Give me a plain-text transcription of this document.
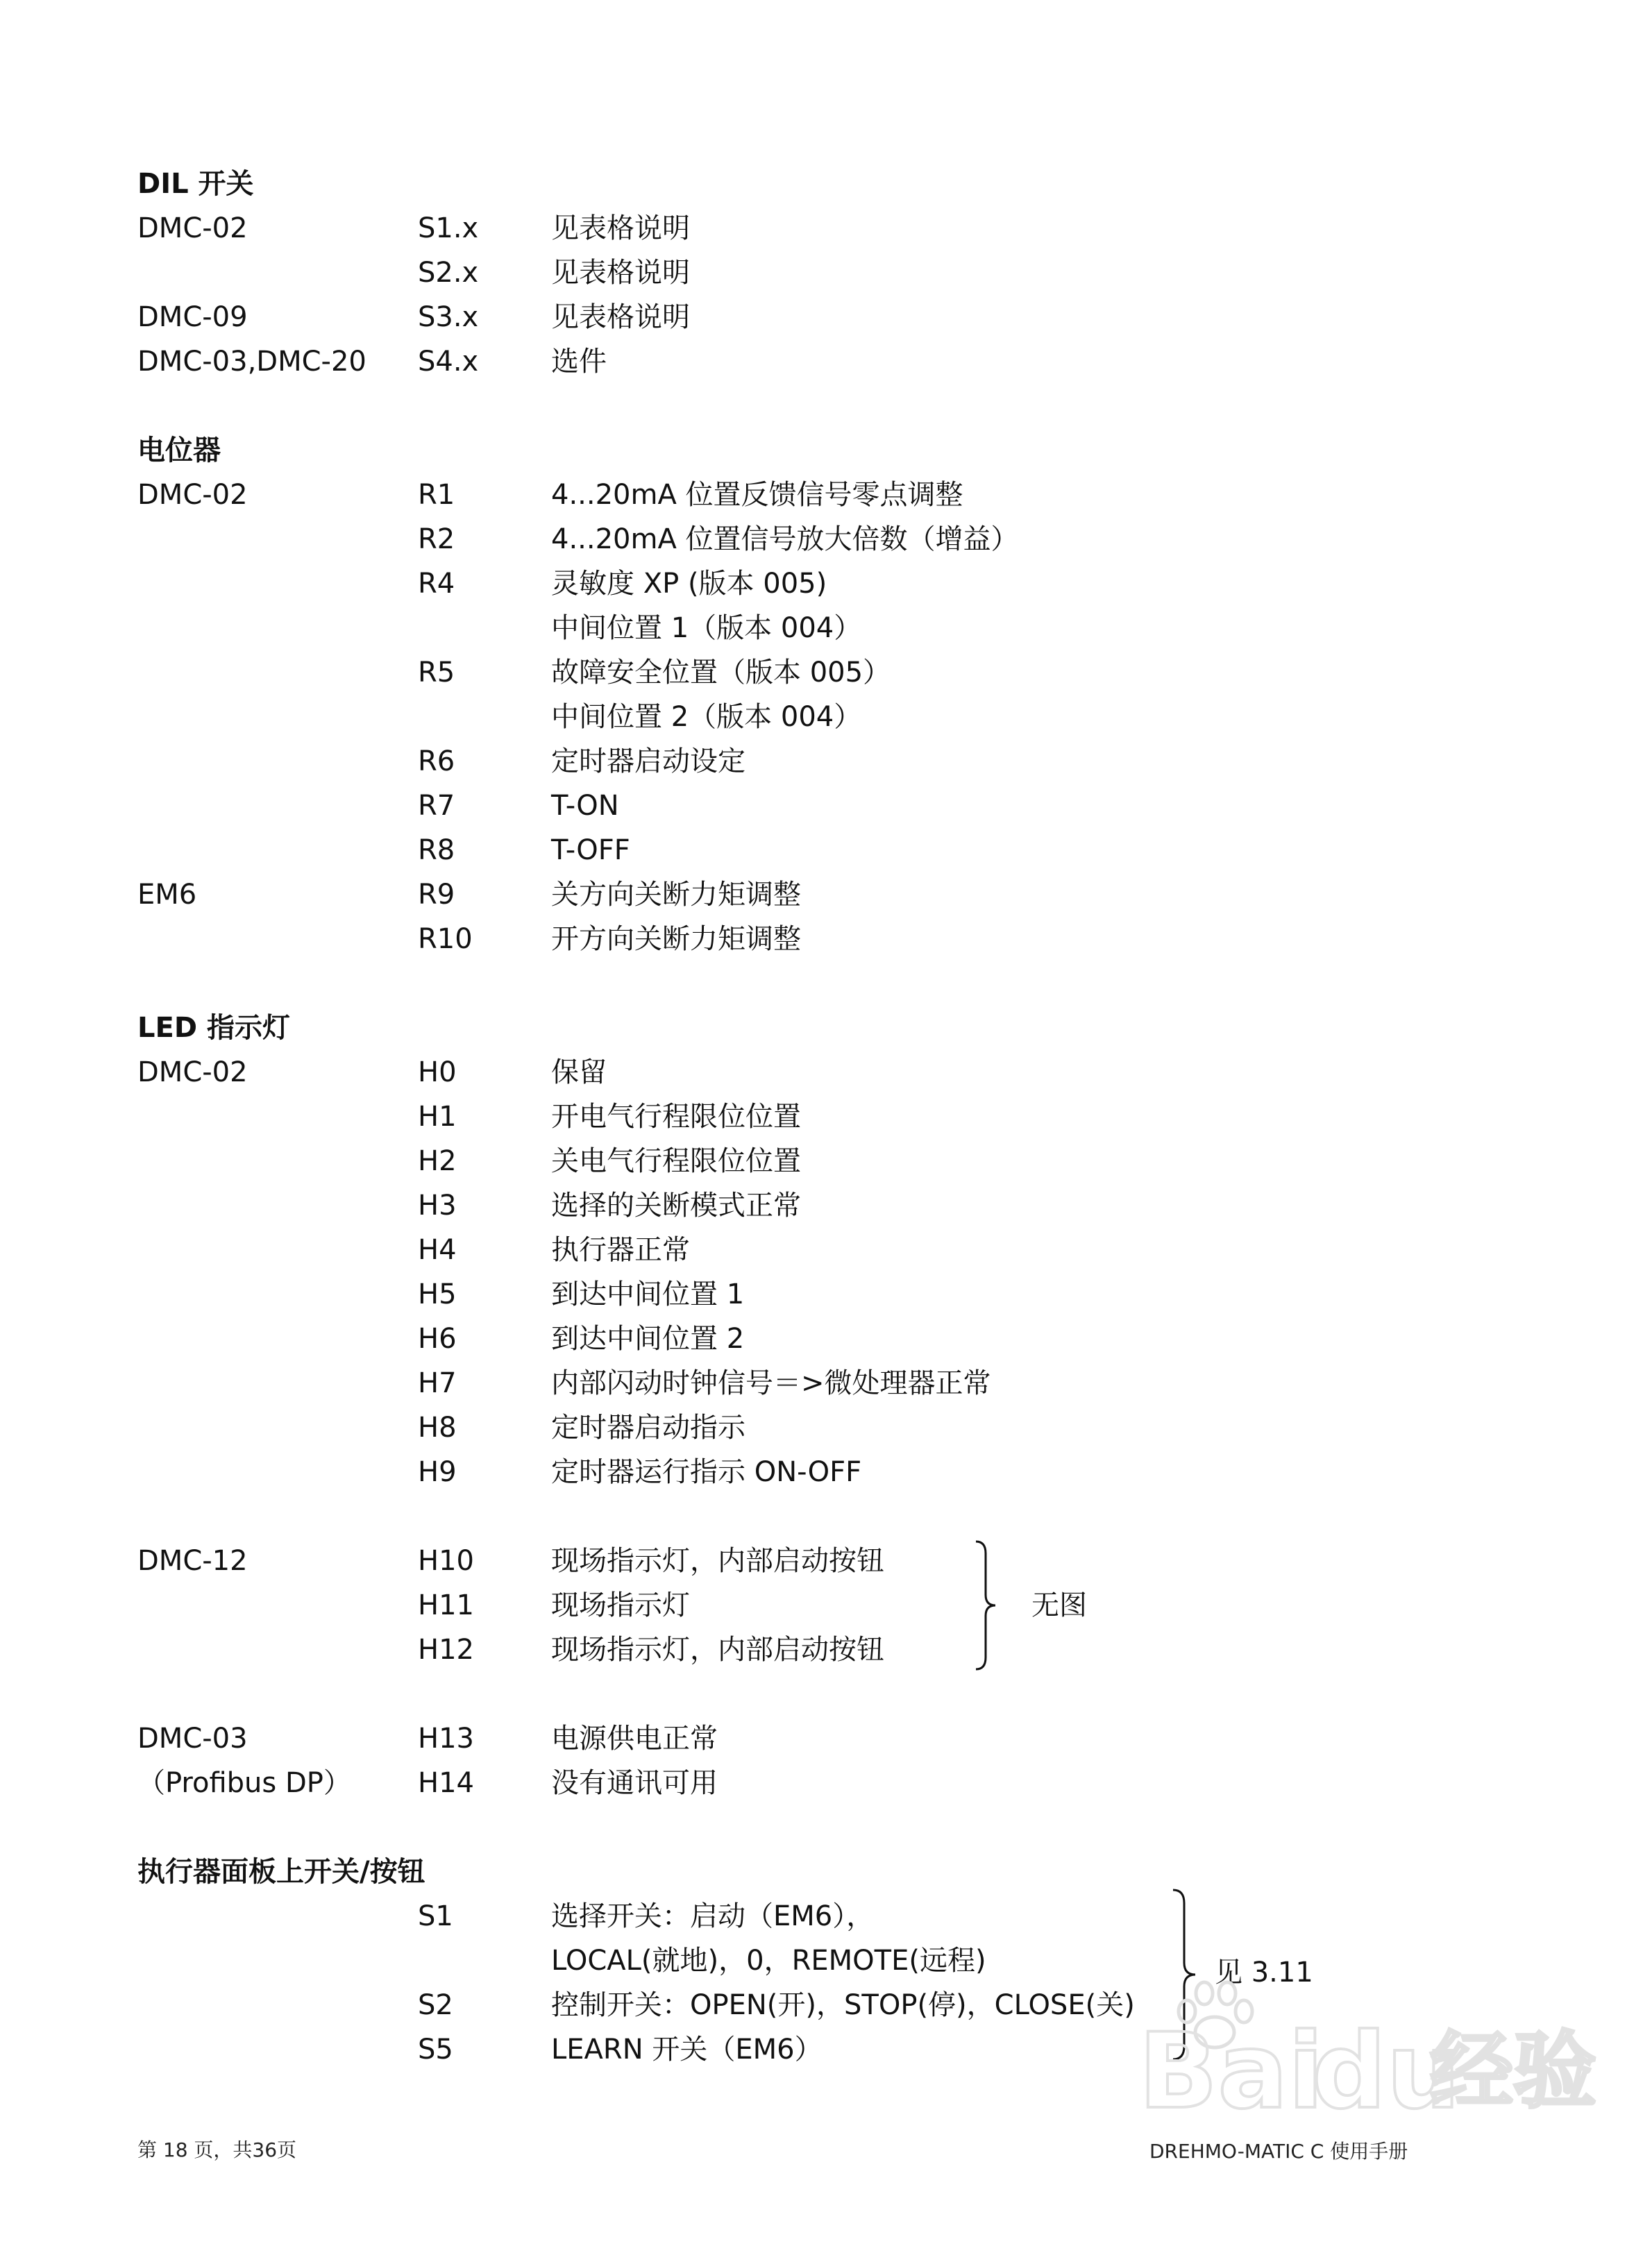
DIL 开关
DMC-02	S1.x	见表格说明
S2.x	见表格说明
DMC-09	S3.x	见表格说明
DMC-03,DMC-20 S4.x	选件
电位器
DMC-02	R1	4...20mA 位置反馈信号零点调整
R2	4...20mA 位置信号放大倍数（增益）
R4	灵敏度 XP (版本 005)
中间位置 1（版本 004）
R5	故障安全位置（版本 005）
中间位置 2（版本 004）
R6	定时器启动设定
R7	T-ON
R8	T-OFF
EM6	R9	关方向关断力矩调整
R10	开方向关断力矩调整
LED 指示灯
DMC-02	H0	保留
H1	开电气行程限位位置
H2	关电气行程限位位置
H3	选择的关断模式正常
H4	执行器正常
H5	到达中间位置 1
H6	到达中间位置 2
H7	内部闪动时钟信号＝>微处理器正常
H8	定时器启动指示
H9	定时器运行指示 ON-OFF
DMC-12	H10	现场指示灯，内部启动按钮
H11	现场指示灯
H12	现场指示灯，内部启动按钮
无图
DMC-03	H13	电源供电正常
（Profibus DP） H14	没有通讯可用
执行器面板上开关/按钮
S1	选择开关：启动（EM6），
LOCAL(就地)，0，REMOTE(远程)
S2	控制开关：OPEN(开)，STOP(停)，CLOSE(关)
S5	LEARN 开关（EM6）
见 3.11
Bai
du
经验
第 18 页，共36页	DREHMO-MATIC C 使用手册
